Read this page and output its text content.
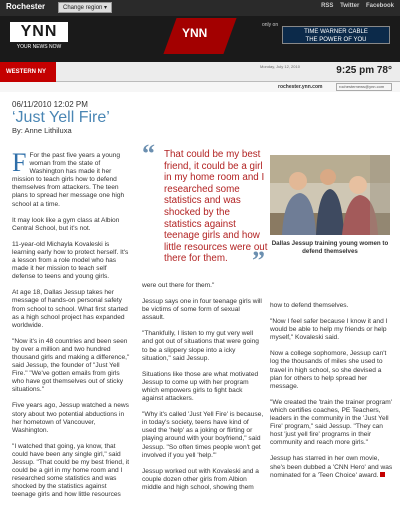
Rochester	Change region ▾	RSS Twitter Facebook
YNN
YOUR NEWS NOW
YNN
only on
TIME WARNER CABLE
THE POWER OF YOU
WESTERN NY
Monday, July 12, 2010	9:25 pm 78°
rochester.ynn.com	rochesternews@ynn.com
06/11/2010 12:02 PM
‘Just Yell Fire’
By: Anne Lithiluxa

F For the past five years a young woman from the state of Washington has made it her mission to teach girls how to defend themselves from attackers. The teen plans to spread her message one high school at a time.

It may look like a gym class at Albion Central School, but it's not.

11-year-old Michayla Kovaleski is learning early how to protect herself. It's a lesson from a role model who has made it her mission to teach self defense to teens and young girls.

At age 18, Dallas Jessup takes her message of hands-on personal safety from school to school. What first started as a high school project has expanded worldwide.

"Now it's in 48 countries and been seen by over a million and two hundred thousand girls and making a difference," said Jessup, the founder of "Just Yell Fire." "We've gotten emails from girls who have got themselves out of sticky situations."

Five years ago, Jessup watched a news story about two potential abductions in her hometown of Vancouver, Washington.

"I watched that going, ya know, that could have been any single girl," said Jessup. "That could be my best friend, it could be a girl in my home room and I researched some statistics and was shocked by the statistics against teenage girls and how little resources

“ That could be my best friend, it could be a girl in my home room and I researched some statistics and was shocked by the statistics against teenage girls and how little resources were out there for them. ”

were out there for them."

Jessup says one in four teenage girls will be victims of some form of sexual assault.

"Thankfully, I listen to my gut very well and got out of situations that were going to be a slippery slope into a icky situation," said Jessup.

Situations like those are what motivated Jessup to come up with her program which empowers girls to fight back against attackers.

"Why it's called 'Just Yell Fire' is because, in today's society, teens have kind of used the 'help' as a joking or flirting or playing around with your boyfriend," said Jessup. "So often times people won't get involved if you yell 'help.'"

Jessup worked out with Kovaleski and a couple dozen other girls from Albion middle and high school, showing them

Dallas Jessup training young women to defend themselves

how to defend themselves.

"Now I feel safer because I know it and I would be able to help my friends or help myself," Kovaleski said.

Now a college sophomore, Jessup can't log the thousands of miles she used to travel in high school, so she devised a plan for others to help spread her message.

"We created the 'train the trainer program' which certifies coaches, PE Teachers, leaders in the community in the 'Just Yell Fire' program," said Jessup. "They can host 'just yell fire' programs in their community and reach more girls."

Jessup has starred in her own movie, she's been dubbed a 'CNN Hero' and was nominated for a 'Teen Choice' award.
